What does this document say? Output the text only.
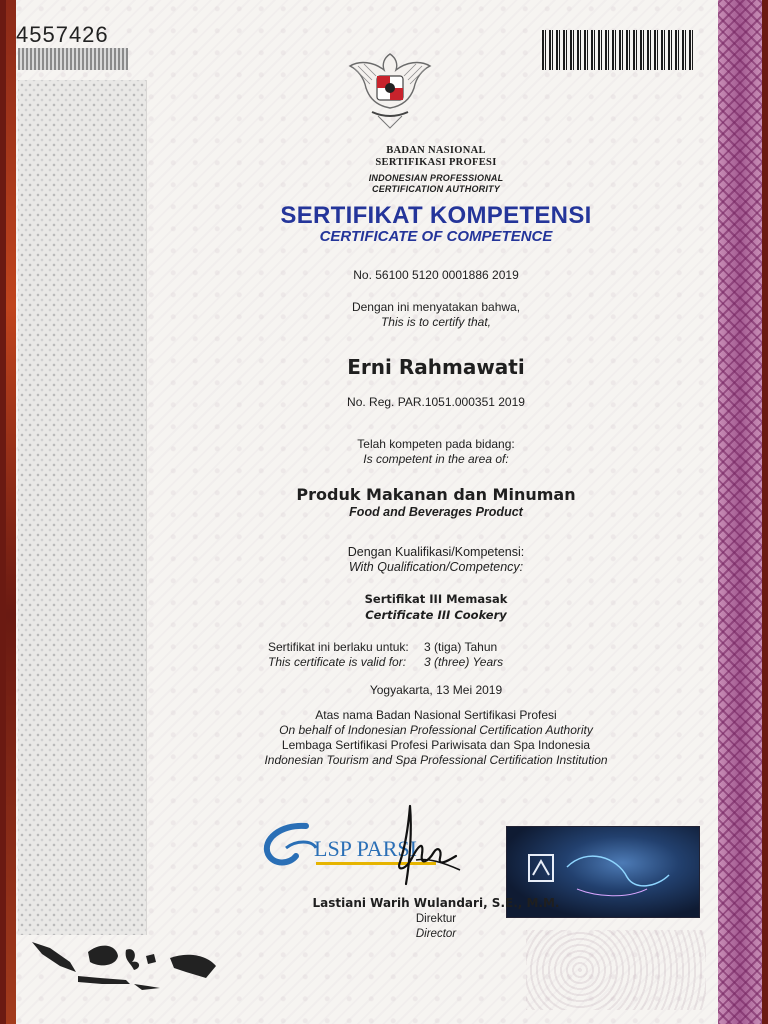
4557426
BADAN NASIONAL
SERTIFIKASI PROFESI
INDONESIAN PROFESSIONAL
CERTIFICATION AUTHORITY
SERTIFIKAT KOMPETENSI
CERTIFICATE OF COMPETENCE
No. 56100 5120 0001886 2019
Dengan ini menyatakan bahwa,
This is to certify that,
Erni Rahmawati
No. Reg. PAR.1051.000351 2019
Telah kompeten pada bidang:
Is competent in the area of:
Produk Makanan dan Minuman
Food and Beverages Product
Dengan Kualifikasi/Kompetensi:
With Qualification/Competency:
Sertifikat III Memasak
Certificate III Cookery
Sertifikat ini berlaku untuk:	3 (tiga) Tahun
This certificate is valid for:	3 (three) Years
Yogyakarta, 13 Mei 2019
Atas nama Badan Nasional Sertifikasi Profesi
On behalf of Indonesian Professional Certification Authority
Lembaga Sertifikasi Profesi Pariwisata dan Spa Indonesia
Indonesian Tourism and Spa Professional Certification Institution
LSP PARSI
Lastiani Warih Wulandari, S.E., M.M.
Direktur
Director
